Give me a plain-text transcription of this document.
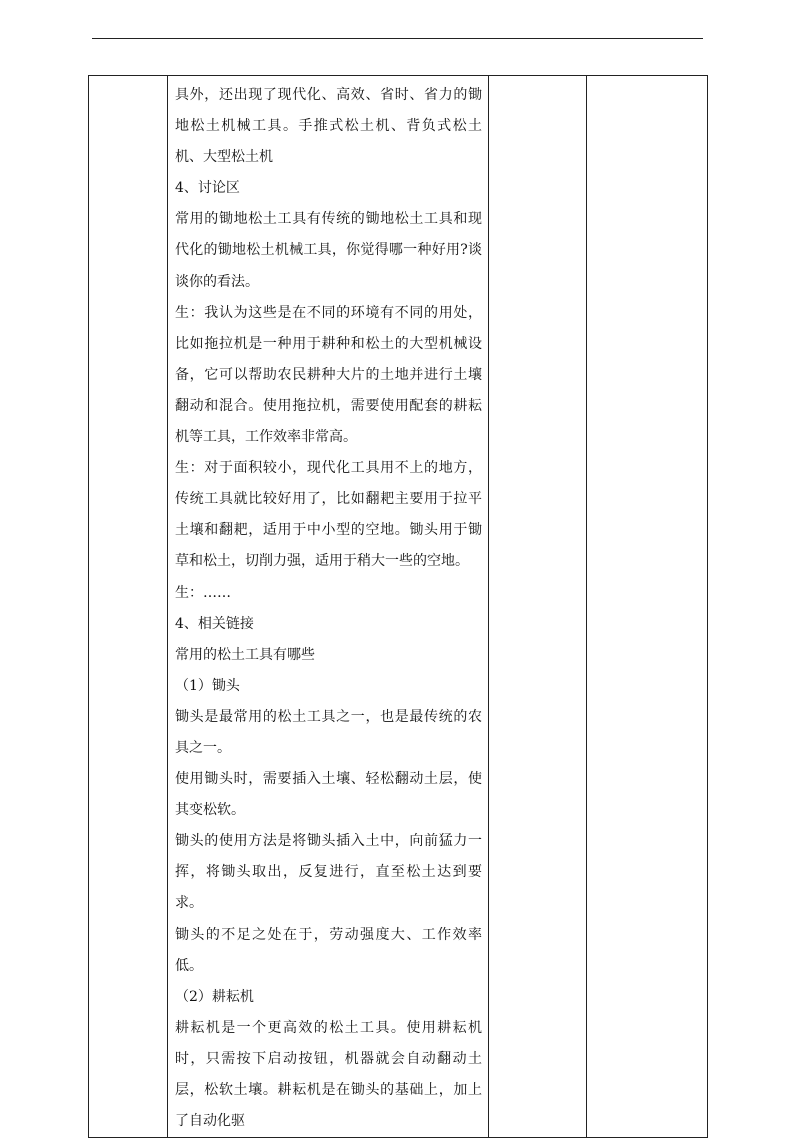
具外，还出现了现代化、高效、省时、省力的锄地松土机械工具。手推式松土机、背负式松土机、大型松土机

4、讨论区

常用的锄地松土工具有传统的锄地松土工具和现代化的锄地松土机械工具，你觉得哪一种好用?谈谈你的看法。

生：我认为这些是在不同的环境有不同的用处，比如拖拉机是一种用于耕种和松土的大型机械设备，它可以帮助农民耕种大片的土地并进行土壤翻动和混合。使用拖拉机，需要使用配套的耕耘机等工具，工作效率非常高。

生：对于面积较小，现代化工具用不上的地方，传统工具就比较好用了，比如翻耙主要用于拉平土壤和翻耙，适用于中小型的空地。锄头用于锄草和松土，切削力强，适用于稍大一些的空地。

生：……

4、相关链接

常用的松土工具有哪些

（1）锄头

锄头是最常用的松土工具之一，也是最传统的农具之一。

使用锄头时，需要插入土壤、轻松翻动土层，使其变松软。

锄头的使用方法是将锄头插入土中，向前猛力一挥，将锄头取出，反复进行，直至松土达到要求。

锄头的不足之处在于，劳动强度大、工作效率低。

（2）耕耘机

耕耘机是一个更高效的松土工具。使用耕耘机时，只需按下启动按钮，机器就会自动翻动土层，松软土壤。耕耘机是在锄头的基础上，加上了自动化驱
